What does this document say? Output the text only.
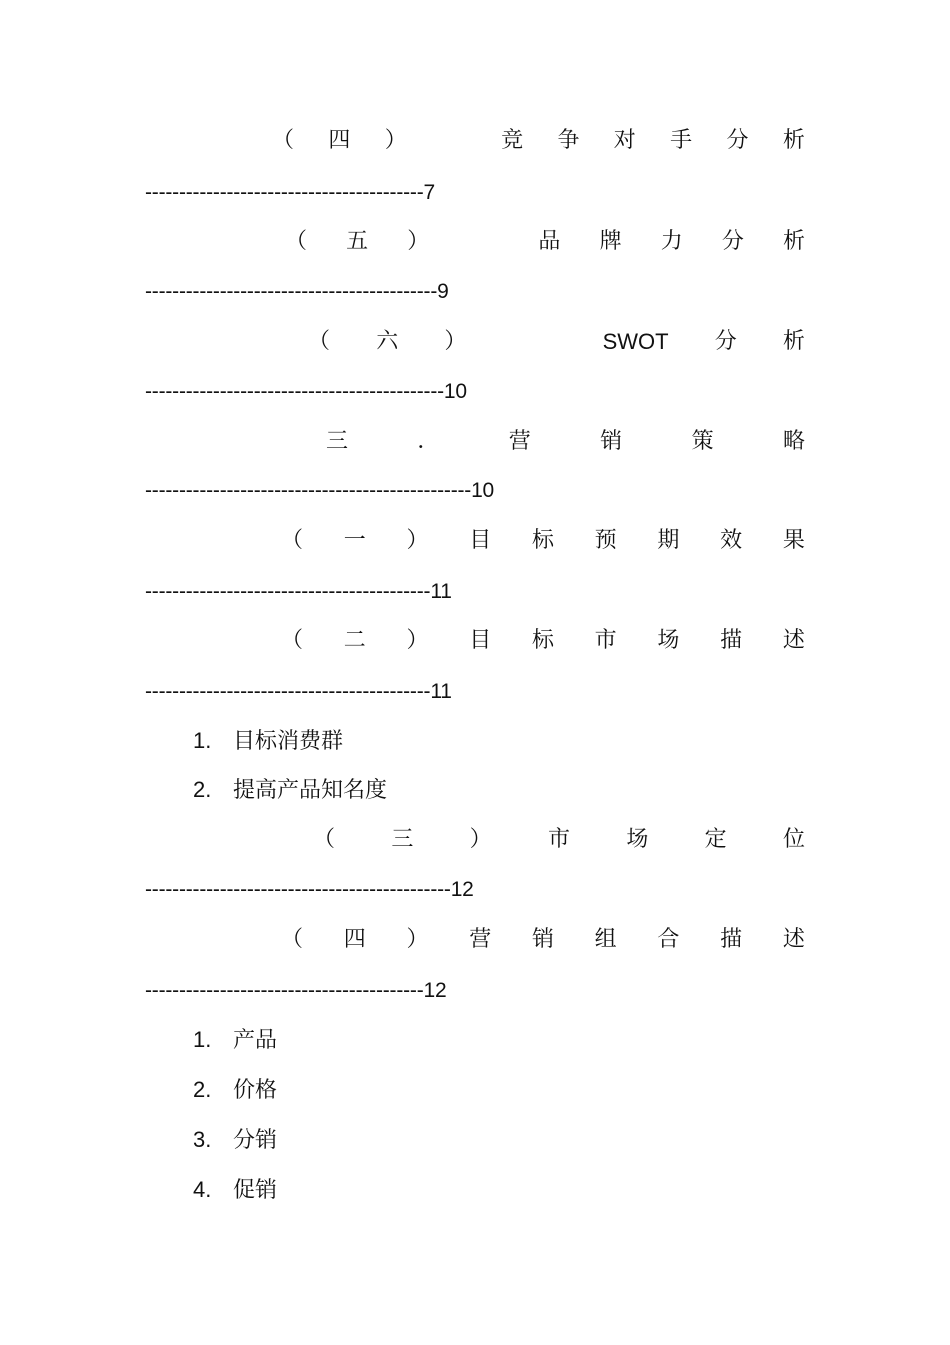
（ 四 ）	竞 争 对 手 分 析
-----------------------------------------7
（ 五 ）	品 牌 力 分 析
-------------------------------------------9
（ 六 ）	SWOT 分 析
--------------------------------------------10
三	．	营	销	策	略
------------------------------------------------10
（ 一 ） 目 标 预 期 效 果
------------------------------------------11
（ 二 ） 目 标 市 场 描 述
------------------------------------------11
1. 目标消费群
2. 提高产品知名度
（	三	）	市	场	定	位
---------------------------------------------12
（ 四 ） 营 销 组 合 描 述
-----------------------------------------12
1. 产品
2. 价格
3. 分销
4. 促销
